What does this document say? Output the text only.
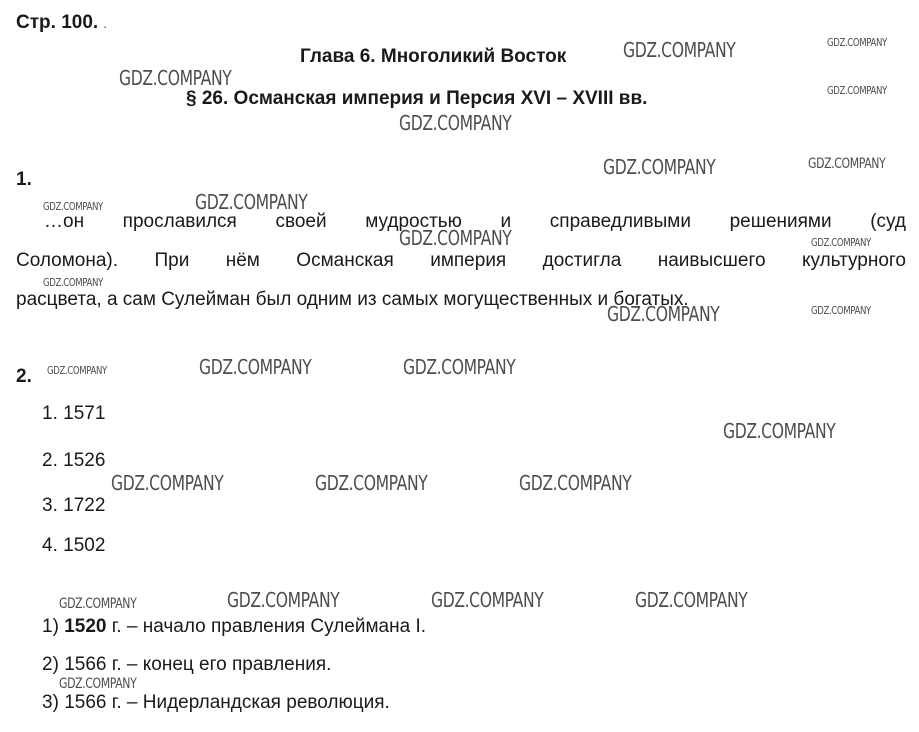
Стр. 100. .
Глава 6. Многоликий Восток
§ 26. Османская империя и Персия XVI – XVIII вв.
1.
…он прославился своей мудростью и справедливыми решениями (суд
Соломона). При нём Османская империя достигла наивысшего культурного
расцвета, а сам Сулейман был одним из самых могущественных и богатых.
2.
1. 1571
2. 1526
3. 1722
4. 1502
1) 1520 г. – начало правления Сулеймана I.
2) 1566 г. – конец его правления.
3) 1566 г. – Нидерландская революция.
GDZ.COMPANY
GDZ.COMPANY
GDZ.COMPANY
GDZ.COMPANY
GDZ.COMPANY
GDZ.COMPANY
GDZ.COMPANY
GDZ.COMPANY	GDZ.COMPANY
GDZ.COMPANY
GDZ.COMPANY	GDZ.COMPANY	GDZ.COMPANY
GDZ.COMPANY	GDZ.COMPANY	GDZ.COMPANY
GDZ.COMPANY
GDZ.COMPANY
GDZ.COMPANY
GDZ.COMPANY
GDZ.COMPANY
GDZ.COMPANY
GDZ.COMPANY
GDZ.COMPANY
GDZ.COMPANY
GDZ.COMPANY
